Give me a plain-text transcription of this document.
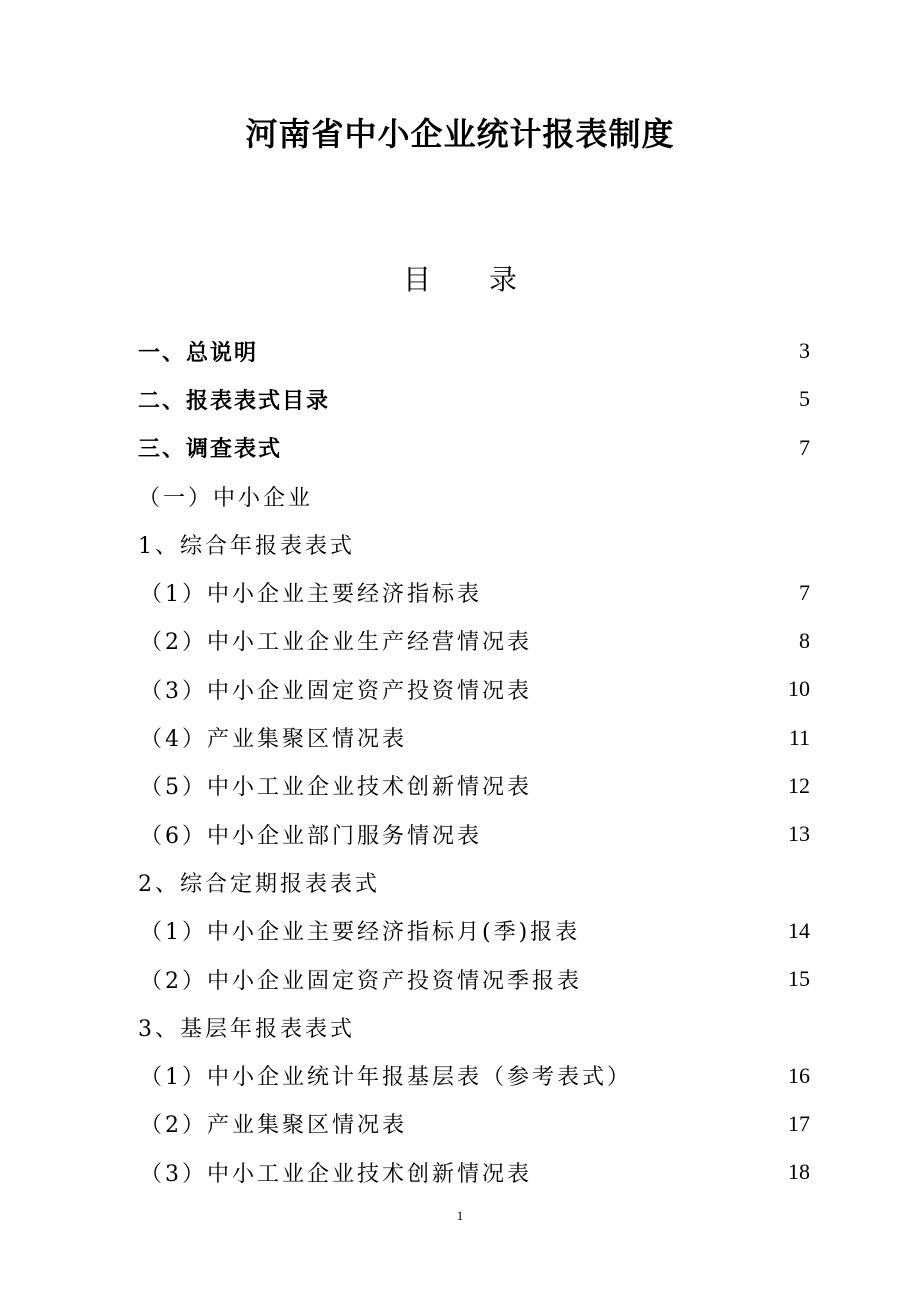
河南省中小企业统计报表制度
目 录
一、总说明	3
二、报表表式目录	5
三、调查表式	7
（一）中小企业
1、综合年报表表式
（1）中小企业主要经济指标表	7
（2）中小工业企业生产经营情况表	8
（3）中小企业固定资产投资情况表	10
（4）产业集聚区情况表	11
（5）中小工业企业技术创新情况表	12
（6）中小企业部门服务情况表	13
2、综合定期报表表式
（1）中小企业主要经济指标月(季)报表	14
（2）中小企业固定资产投资情况季报表	15
3、基层年报表表式
（1）中小企业统计年报基层表（参考表式）	16
（2）产业集聚区情况表	17
（3）中小工业企业技术创新情况表	18
1
